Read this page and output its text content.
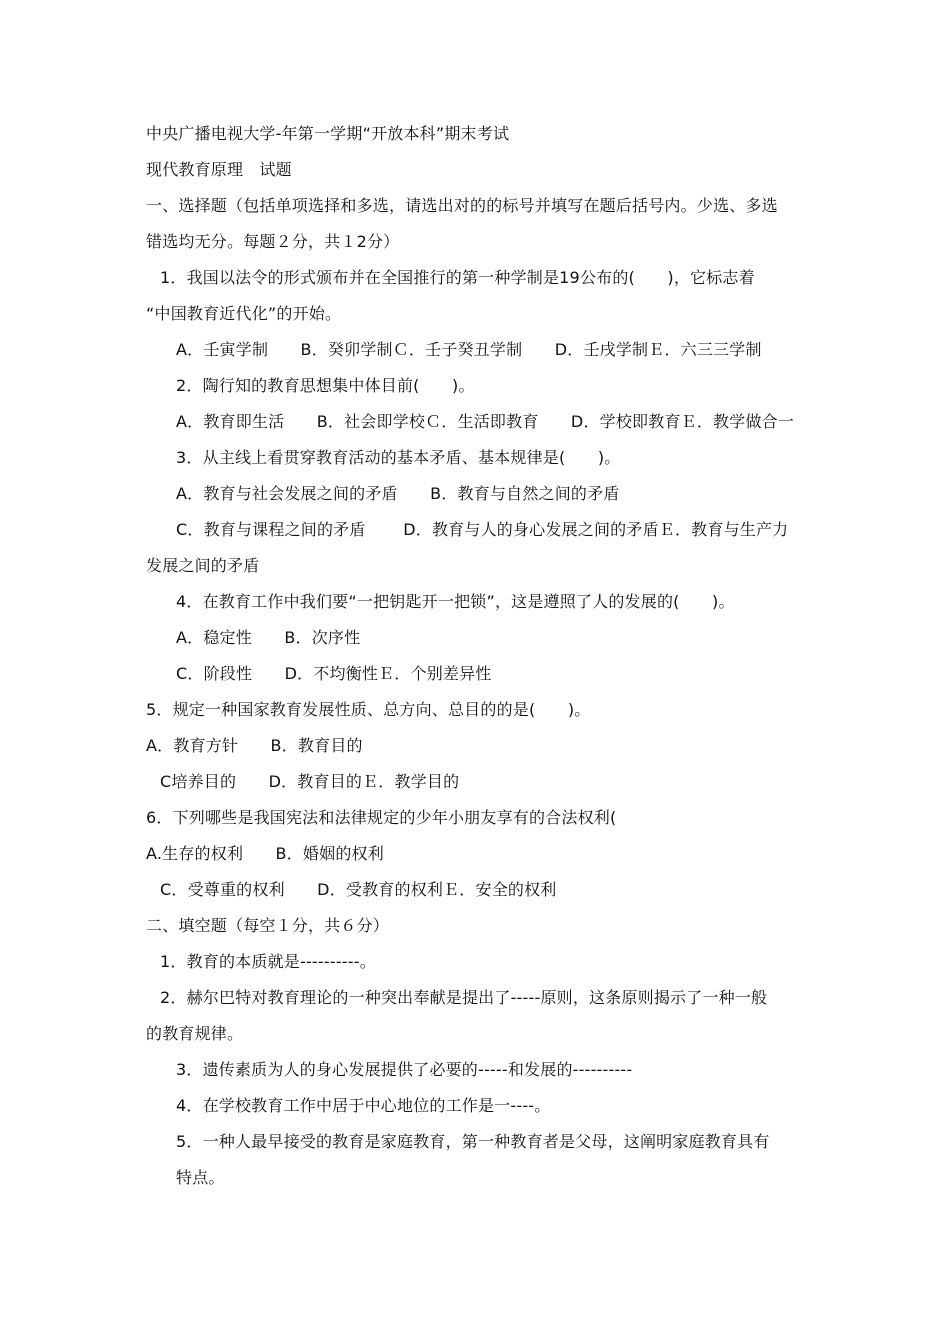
中央广播电视大学-年第一学期“开放本科”期末考试
现代教育原理　试题
一、选择题（包括单项选择和多选，请选出对的的标号并填写在题后括号内。少选、多选
错选均无分。每题２分，共１2分）
1．我国以法令的形式颁布并在全国推行的第一种学制是19公布的(　　)，它标志着
“中国教育近代化”的开始。
A．壬寅学制　　B．癸卯学制Ｃ．壬子癸丑学制　　D．壬戌学制Ｅ．六三三学制
2．陶行知的教育思想集中体目前(　　)。
A．教育即生活　　B．社会即学校Ｃ．生活即教育　　D．学校即教育Ｅ．教学做合一
3．从主线上看贯穿教育活动的基本矛盾、基本规律是(　　)。
A．教育与社会发展之间的矛盾　　B．教育与自然之间的矛盾
C．教育与课程之间的矛盾　　 D．教育与人的身心发展之间的矛盾Ｅ．教育与生产力
发展之间的矛盾
4．在教育工作中我们要“一把钥匙开一把锁”，这是遵照了人的发展的(　　)。
A．稳定性　　B．次序性
C．阶段性　　D．不均衡性Ｅ．个别差异性
5．规定一种国家教育发展性质、总方向、总目的的是(　　)。
A．教育方针　　B．教育目的
C培养目的　　D．教育目的Ｅ．教学目的
6．下列哪些是我国宪法和法律规定的少年小朋友享有的合法权利(
A.生存的权利　　B．婚姻的权利
C．受尊重的权利　　D．受教育的权利Ｅ．安全的权利
二、填空题（每空１分，共６分）
1．教育的本质就是----------。
2．赫尔巴特对教育理论的一种突出奉献是提出了-----原则，这条原则揭示了一种一般
的教育规律。
3．遗传素质为人的身心发展提供了必要的-----和发展的----------
4．在学校教育工作中居于中心地位的工作是一----。
5．一种人最早接受的教育是家庭教育，第一种教育者是父母，这阐明家庭教育具有
特点。
